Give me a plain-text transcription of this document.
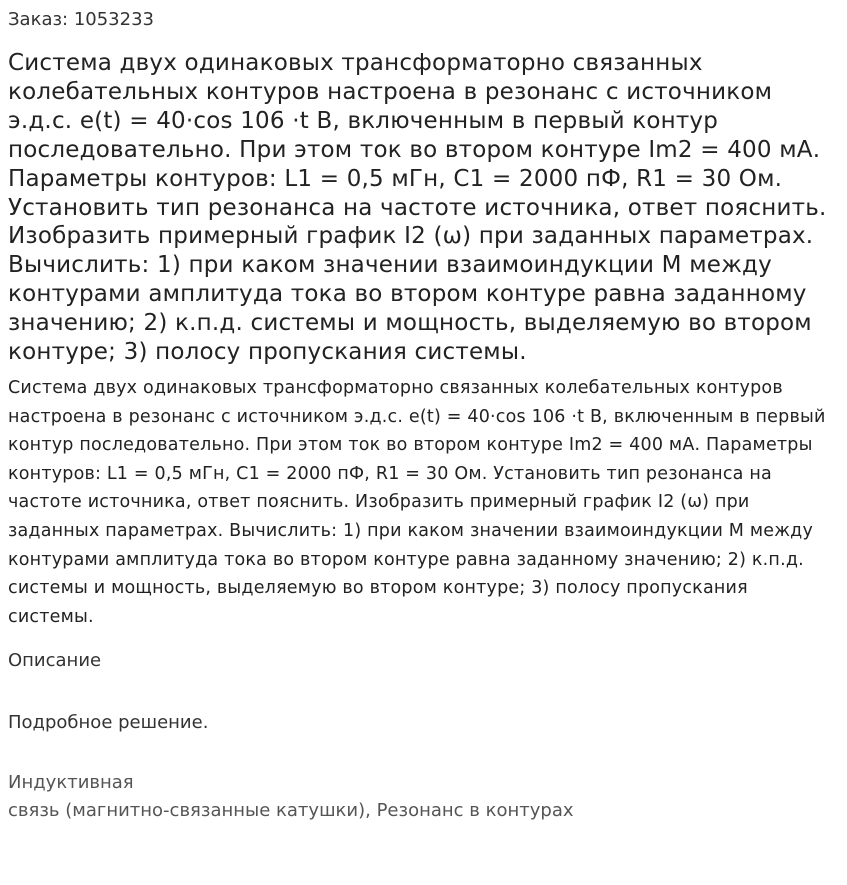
Заказ: 1053233

Система двух одинаковых трансформаторно связанных колебательных контуров настроена в резонанс с источником э.д.с. e(t) = 40·cos 106 ·t В, включенным в первый контур последовательно. При этом ток во втором контуре Im2 = 400 мА. Параметры контуров: L1 = 0,5 мГн, С1 = 2000 пФ, R1 = 30 Ом. Установить тип резонанса на частоте источника, ответ пояснить. Изобразить примерный график I2 (ω) при заданных параметрах. Вычислить: 1) при каком значении взаимоиндукции М между контурами амплитуда тока во втором контуре равна заданному значению; 2) к.п.д. системы и мощность, выделяемую во втором контуре; 3) полосу пропускания системы.

Система двух одинаковых трансформаторно связанных колебательных контуров настроена в резонанс с источником э.д.с. e(t) = 40·cos 106 ·t В, включенным в первый контур последовательно. При этом ток во втором контуре Im2 = 400 мА. Параметры контуров: L1 = 0,5 мГн, С1 = 2000 пФ, R1 = 30 Ом. Установить тип резонанса на частоте источника, ответ пояснить. Изобразить примерный график I2 (ω) при заданных параметрах. Вычислить: 1) при каком значении взаимоиндукции М между контурами амплитуда тока во втором контуре равна заданному значению; 2) к.п.д. системы и мощность, выделяемую во втором контуре; 3) полосу пропускания системы.

Описание

Подробное решение.

Индуктивная
связь (магнитно-связанные катушки), Резонанс в контурах
